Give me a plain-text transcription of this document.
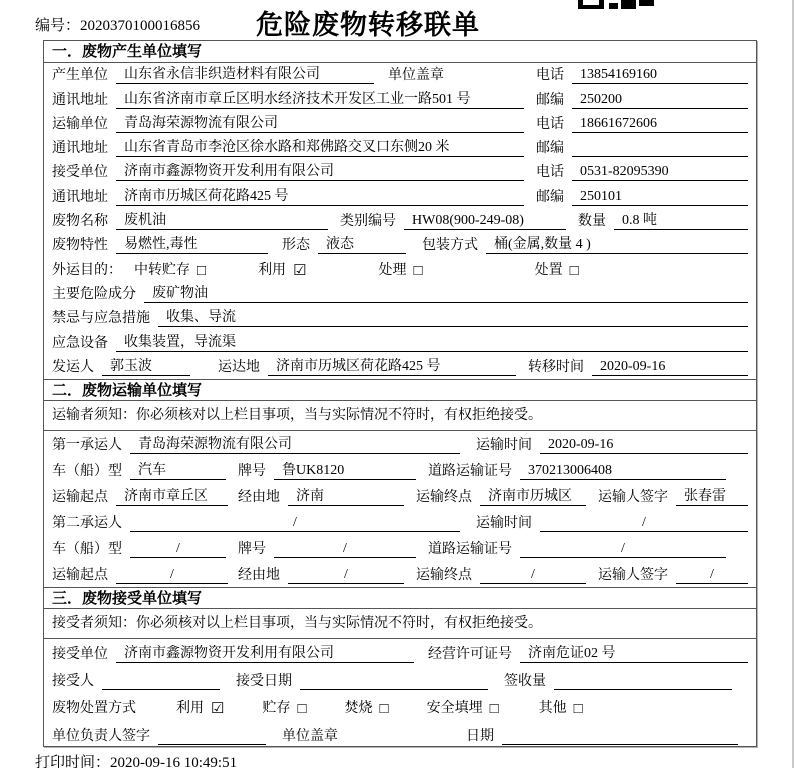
编号：2020370100016856	危险废物转移联单
一．废物产生单位填写
产生单位	山东省永信非织造材料有限公司	单位盖章	电话	13854169160
通讯地址	山东省济南市章丘区明水经济技术开发区工业一路501 号	邮编	250200
运输单位	青岛海荣源物流有限公司	电话	18661672606
通讯地址	山东省青岛市李沧区徐水路和郑佛路交叉口东侧20 米	邮编
接受单位	济南市鑫源物资开发利用有限公司	电话	0531-82095390
通讯地址	济南市历城区荷花路425 号	邮编	250101
废物名称	废机油	类别编号	HW08(900-249-08)	数量	0.8 吨
废物特性	易燃性,毒性	形态	液态	包装方式	桶(金属,数量 4 )
外运目的： 中转贮存 □	利用 ☑	处理 □	处置 □
主要危险成分	废矿物油
禁忌与应急措施	收集、导流
应急设备	收集装置，导流渠
发运人	郭玉波	运达地	济南市历城区荷花路425 号	转移时间	2020-09-16
二．废物运输单位填写
运输者须知：你必须核对以上栏目事项，当与实际情况不符时，有权拒绝接受。
第一承运人	青岛海荣源物流有限公司	运输时间	2020-09-16
车（船）型	汽车	牌号	鲁UK8120	道路运输证号	370213006408
运输起点	济南市章丘区	经由地	济南	运输终点	济南市历城区	运输人签字	张春雷
第二承运人	/	运输时间	/
车（船）型	/	牌号	/	道路运输证号	/
运输起点	/	经由地	/	运输终点	/	运输人签字	/
三．废物接受单位填写
接受者须知：你必须核对以上栏目事项，当与实际情况不符时，有权拒绝接受。
接受单位	济南市鑫源物资开发利用有限公司	经营许可证号	济南危证02 号
接受人	接受日期	签收量
废物处置方式	利用 ☑	贮存 □	焚烧 □	安全填埋 □	其他 □
单位负责人签字	单位盖章	日期
打印时间：2020-09-16 10:49:51
